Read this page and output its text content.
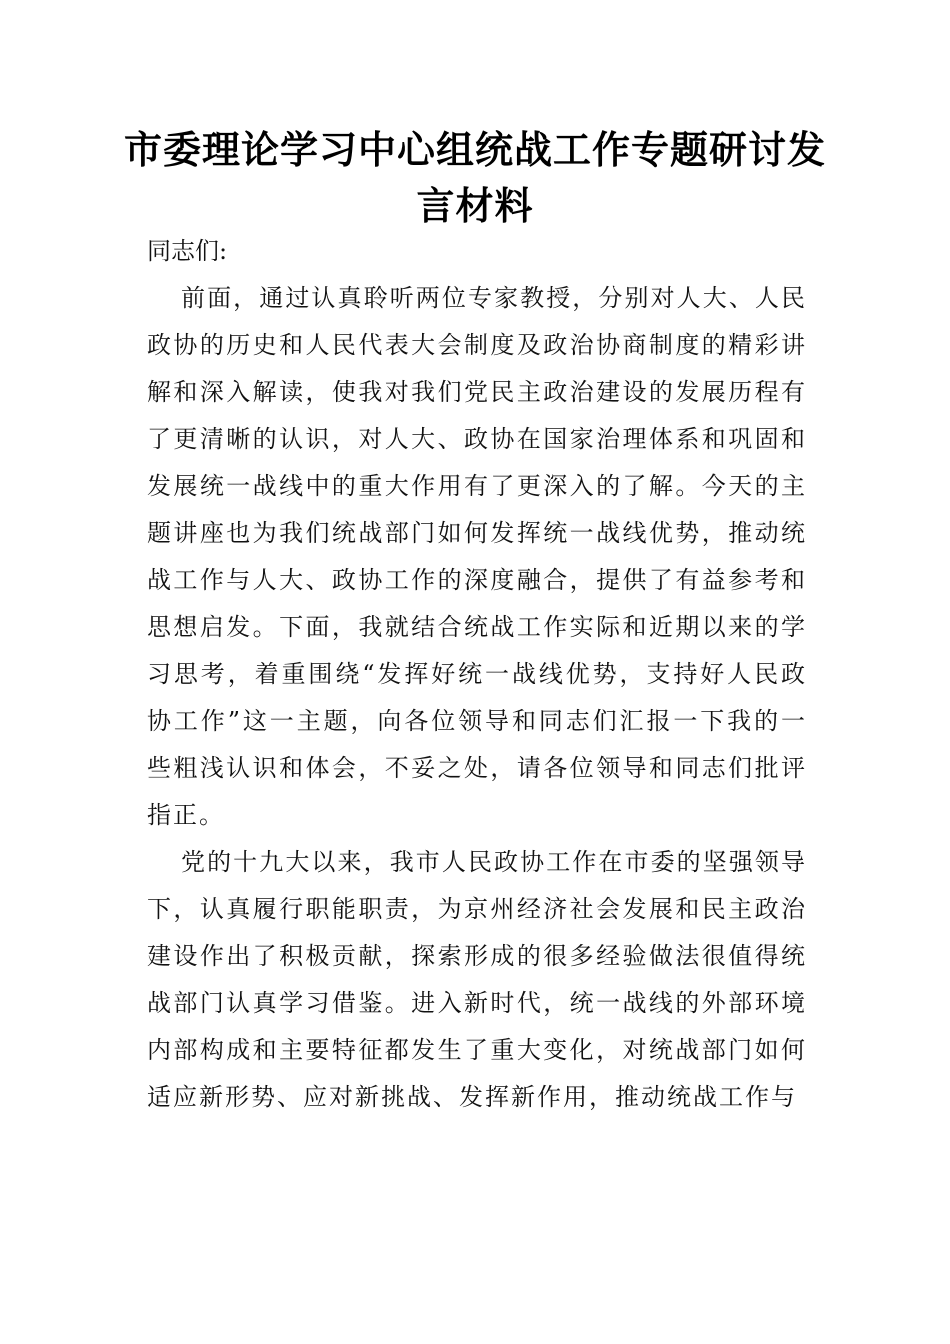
市委理论学习中心组统战工作专题研讨发言材料

同志们:

前面，通过认真聆听两位专家教授，分别对人大、人民政协的历史和人民代表大会制度及政治协商制度的精彩讲解和深入解读，使我对我们党民主政治建设的发展历程有了更清晰的认识，对人大、政协在国家治理体系和巩固和发展统一战线中的重大作用有了更深入的了解。今天的主题讲座也为我们统战部门如何发挥统一战线优势，推动统战工作与人大、政协工作的深度融合，提供了有益参考和思想启发。下面，我就结合统战工作实际和近期以来的学习思考，着重围绕“发挥好统一战线优势，支持好人民政协工作”这一主题，向各位领导和同志们汇报一下我的一些粗浅认识和体会，不妥之处，请各位领导和同志们批评指正。

党的十九大以来，我市人民政协工作在市委的坚强领导下，认真履行职能职责，为京州经济社会发展和民主政治建设作出了积极贡献，探索形成的很多经验做法很值得统战部门认真学习借鉴。进入新时代，统一战线的外部环境内部构成和主要特征都发生了重大变化，对统战部门如何适应新形势、应对新挑战、发挥新作用，推动统战工作与
